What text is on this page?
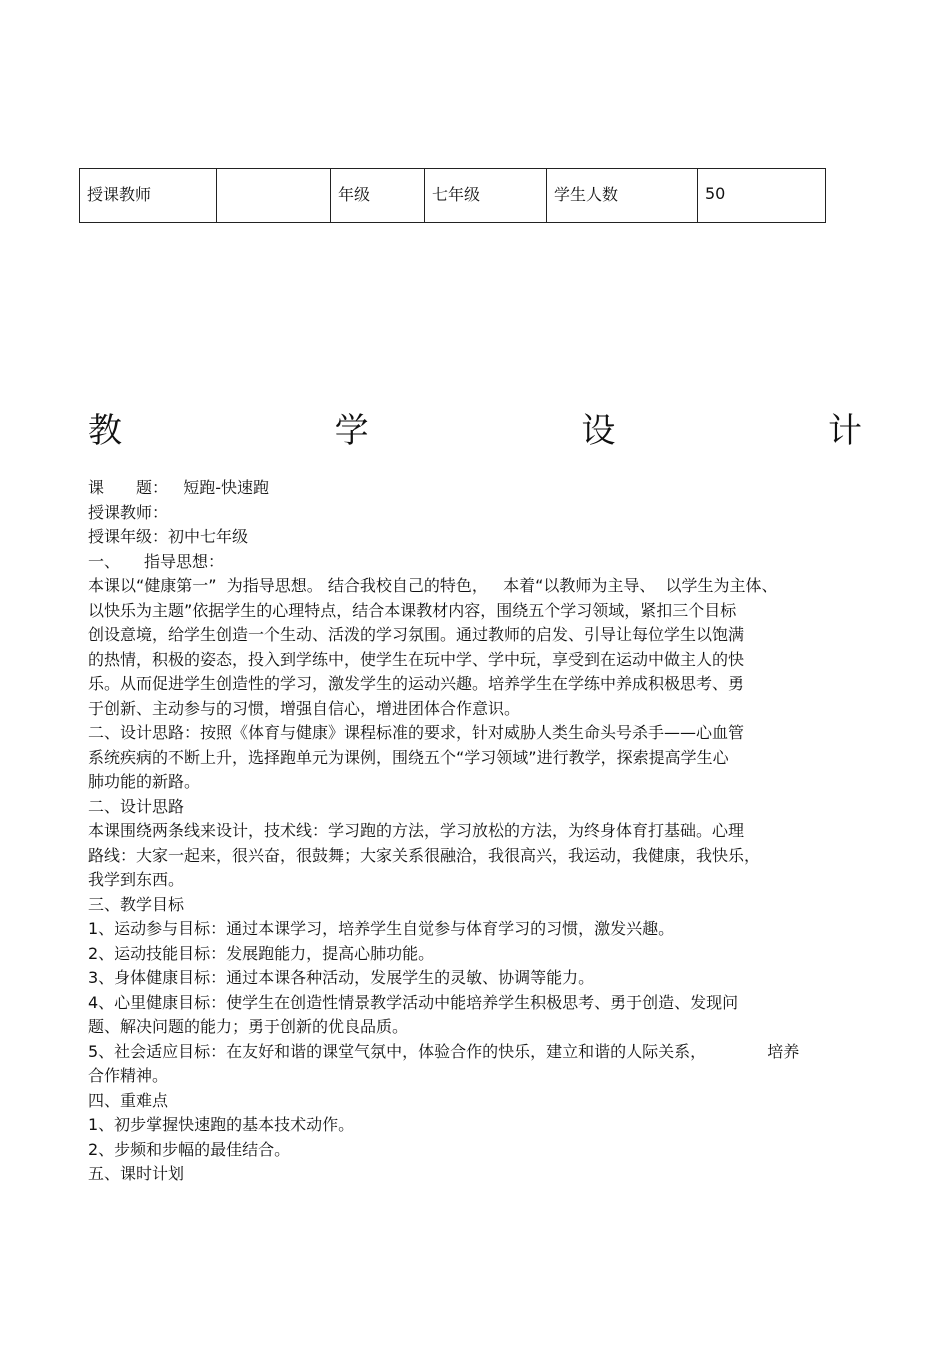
授课教师		年级	七年级	学生人数	50
教	学	设	计
课　　题：   短跑-快速跑
授课教师：
授课年级：初中七年级
一、　　指导思想：
本课以“健康第一”  为指导思想。 结合我校自己的特色，   本着“以教师为主导、  以学生为主体、
以快乐为主题”依据学生的心理特点，结合本课教材内容，围绕五个学习领域，紧扣三个目标
创设意境，给学生创造一个生动、活泼的学习氛围。通过教师的启发、引导让每位学生以饱满
的热情，积极的姿态，投入到学练中，使学生在玩中学、学中玩，享受到在运动中做主人的快
乐。从而促进学生创造性的学习，激发学生的运动兴趣。培养学生在学练中养成积极思考、勇
于创新、主动参与的习惯，增强自信心，增进团体合作意识。
二、设计思路：按照《体育与健康》课程标准的要求，针对威胁人类生命头号杀手——心血管
系统疾病的不断上升，选择跑单元为课例，围绕五个“学习领域”进行教学，探索提高学生心
肺功能的新路。
二、设计思路
本课围绕两条线来设计，技术线：学习跑的方法，学习放松的方法，为终身体育打基础。心理
路线：大家一起来，很兴奋，很鼓舞；大家关系很融洽，我很高兴，我运动，我健康，我快乐，
我学到东西。
三、教学目标
1、运动参与目标：通过本课学习，培养学生自觉参与体育学习的习惯，激发兴趣。
2、运动技能目标：发展跑能力，提高心肺功能。
3、身体健康目标：通过本课各种活动，发展学生的灵敏、协调等能力。
4、心里健康目标：使学生在创造性情景教学活动中能培养学生积极思考、勇于创造、发现问
题、解决问题的能力；勇于创新的优良品质。
5、社会适应目标：在友好和谐的课堂气氛中，体验合作的快乐，建立和谐的人际关系，            培养
合作精神。
四、重难点
1、初步掌握快速跑的基本技术动作。
2、步频和步幅的最佳结合。
五、课时计划
